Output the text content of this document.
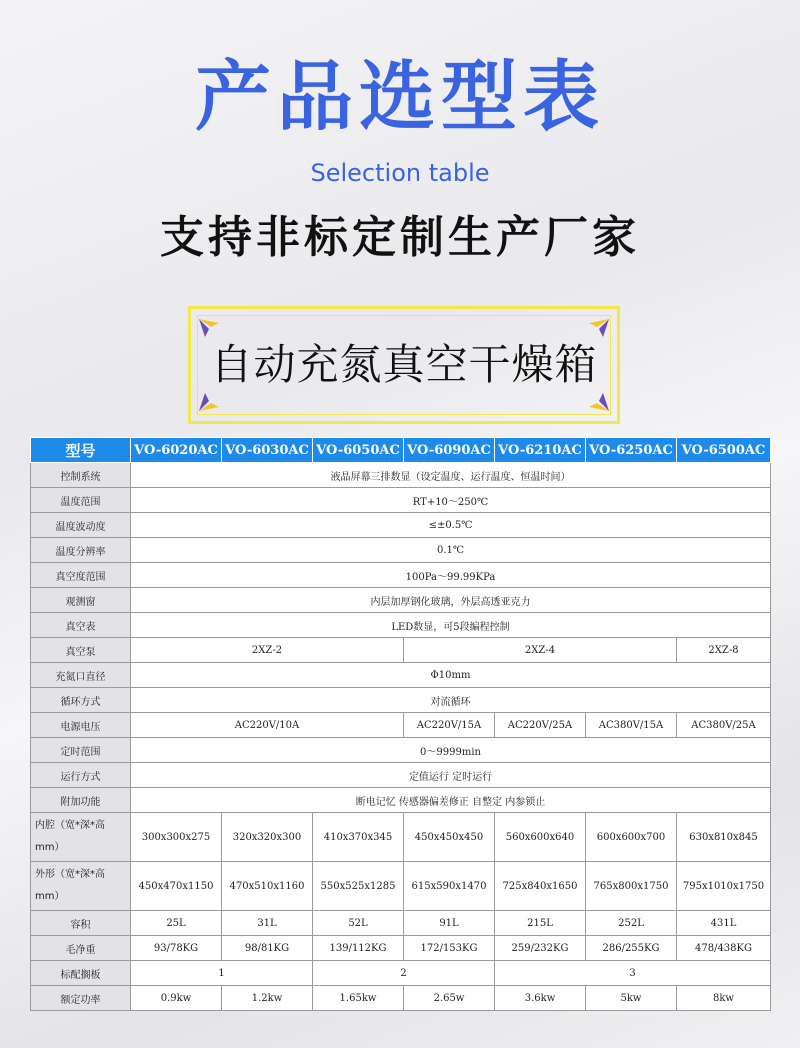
产品选型表
Selection table
支持非标定制生产厂家
自动充氮真空干燥箱
型号	VO-6020AC	VO-6030AC	VO-6050AC	VO-6090AC	VO-6210AC	VO-6250AC	VO-6500AC
控制系统	液晶屏幕三排数显（设定温度、运行温度、恒温时间）						
温度范围	RT+10～250℃						
温度波动度	≤±0.5℃						
温度分辨率	0.1℃						
真空度范围	100Pa～99.99KPa						
观测窗	内层加厚钢化玻璃，外层高透亚克力						
真空表	LED数显，可5段编程控制						
真空泵	2XZ-2			2XZ-4			2XZ-8
充氮口直径	Φ10mm						
循环方式	对流循环						
电源电压	AC220V/10A			AC220V/15A	AC220V/25A	AC380V/15A	AC380V/25A
定时范围	0～9999min						
运行方式	定值运行 定时运行						
附加功能	断电记忆 传感器偏差修正 自整定 内参锁止						
内腔（宽*深*高mm）	300x300x275	320x320x300	410x370x345	450x450x450	560x600x640	600x600x700	630x810x845
外形（宽*深*高mm）	450x470x1150	470x510x1160	550x525x1285	615x590x1470	725x840x1650	765x800x1750	795x1010x1750
容积	25L	31L	52L	91L	215L	252L	431L
毛净重	93/78KG	98/81KG	139/112KG	172/153KG	259/232KG	286/255KG	478/438KG
标配搁板	1		2		3		
额定功率	0.9kw	1.2kw	1.65kw	2.65w	3.6kw	5kw	8kw
